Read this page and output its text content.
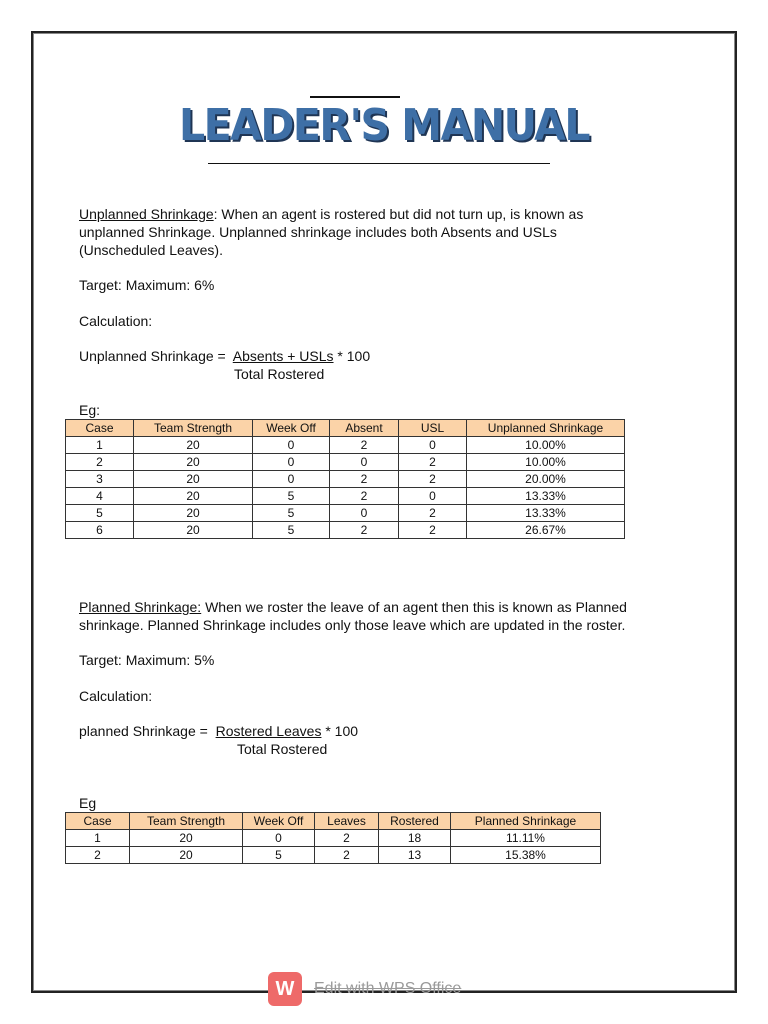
LEADER'S MANUAL
Unplanned Shrinkage: When an agent is rostered but did not turn up, is known as
unplanned Shrinkage. Unplanned shrinkage includes both Absents and USLs
(Unscheduled Leaves).
Target: Maximum: 6%
Calculation:
Unplanned Shrinkage = Absents + USLs * 100
Total Rostered
Eg:
Case	Team Strength	Week Off	Absent	USL	Unplanned Shrinkage
1	20	0	2	0	10.00%
2	20	0	0	2	10.00%
3	20	0	2	2	20.00%
4	20	5	2	0	13.33%
5	20	5	0	2	13.33%
6	20	5	2	2	26.67%
Planned Shrinkage: When we roster the leave of an agent then this is known as Planned
shrinkage. Planned Shrinkage includes only those leave which are updated in the roster.
Target: Maximum: 5%
Calculation:
planned Shrinkage = Rostered Leaves * 100
Total Rostered
Eg
Case	Team Strength	Week Off	Leaves	Rostered	Planned Shrinkage
1	20	0	2	18	11.11%
2	20	5	2	13	15.38%
W	Edit with WPS Office
